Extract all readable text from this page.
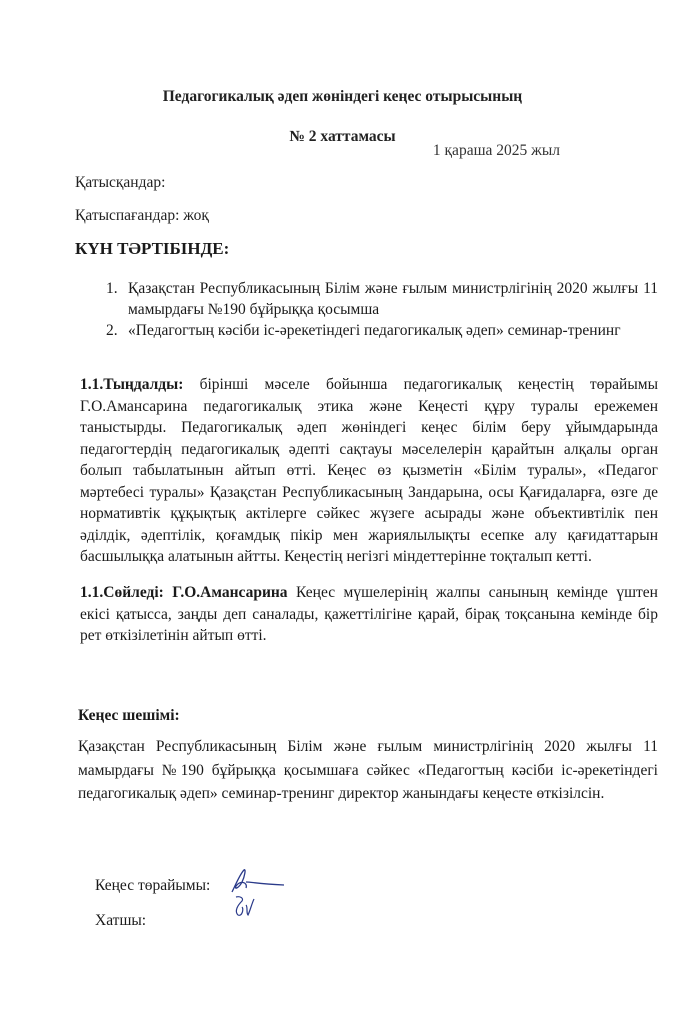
Педагогикалық әдеп жөніндегі кеңес отырысының
№ 2 хаттамасы
1 қараша 2025 жыл
Қатысқандар:
Қатыспағандар: жоқ
КҮН ТӘРТІБІНДЕ:
1. Қазақстан Республикасының Білім және ғылым министрлігінің 2020 жылғы 11 мамырдағы №190 бұйрыққа қосымша
2. «Педагогтың кәсіби іс-әрекетіндегі педагогикалық әдеп» семинар-тренинг
1.1.Тыңдалды: бірінші мәселе бойынша педагогикалық кеңестің төрайымы Г.О.Амансарина педагогикалық этика және Кеңесті құру туралы ережемен таныстырды. Педагогикалық әдеп жөніндегі кеңес білім беру ұйымдарында педагогтердің педагогикалық әдепті сақтауы мәселелерін қарайтын алқалы орган болып табылатынын айтып өтті. Кеңес өз қызметін «Білім туралы», «Педагог мәртебесі туралы» Қазақстан Республикасының Зандарына, осы Қағидаларға, өзге де нормативтік құқықтық актілерге сәйкес жүзеге асырады және объективтілік пен әділдік, әдептілік, қоғамдық пікір мен жариялылықты есепке алу қағидаттарын басшылыққа алатынын айтты. Кеңестің негізгі міндеттерінне тоқталып кетті.
1.1.Сөйледі: Г.О.Амансарина Кеңес мүшелерінің жалпы санының кемінде үштен екісі қатысса, заңды деп саналады, қажеттілігіне қарай, бірақ тоқсанына кемінде бір рет өткізілетінін айтып өтті.
Кеңес шешімі:
Қазақстан Республикасының Білім және ғылым министрлігінің 2020 жылғы 11 мамырдағы №190 бұйрыққа қосымшаға сәйкес «Педагогтың кәсіби іс-әрекетіндегі педагогикалық әдеп» семинар-тренинг директор жанындағы кеңесте өткізілсін.
Кеңес төрайымы:
Хатшы:
